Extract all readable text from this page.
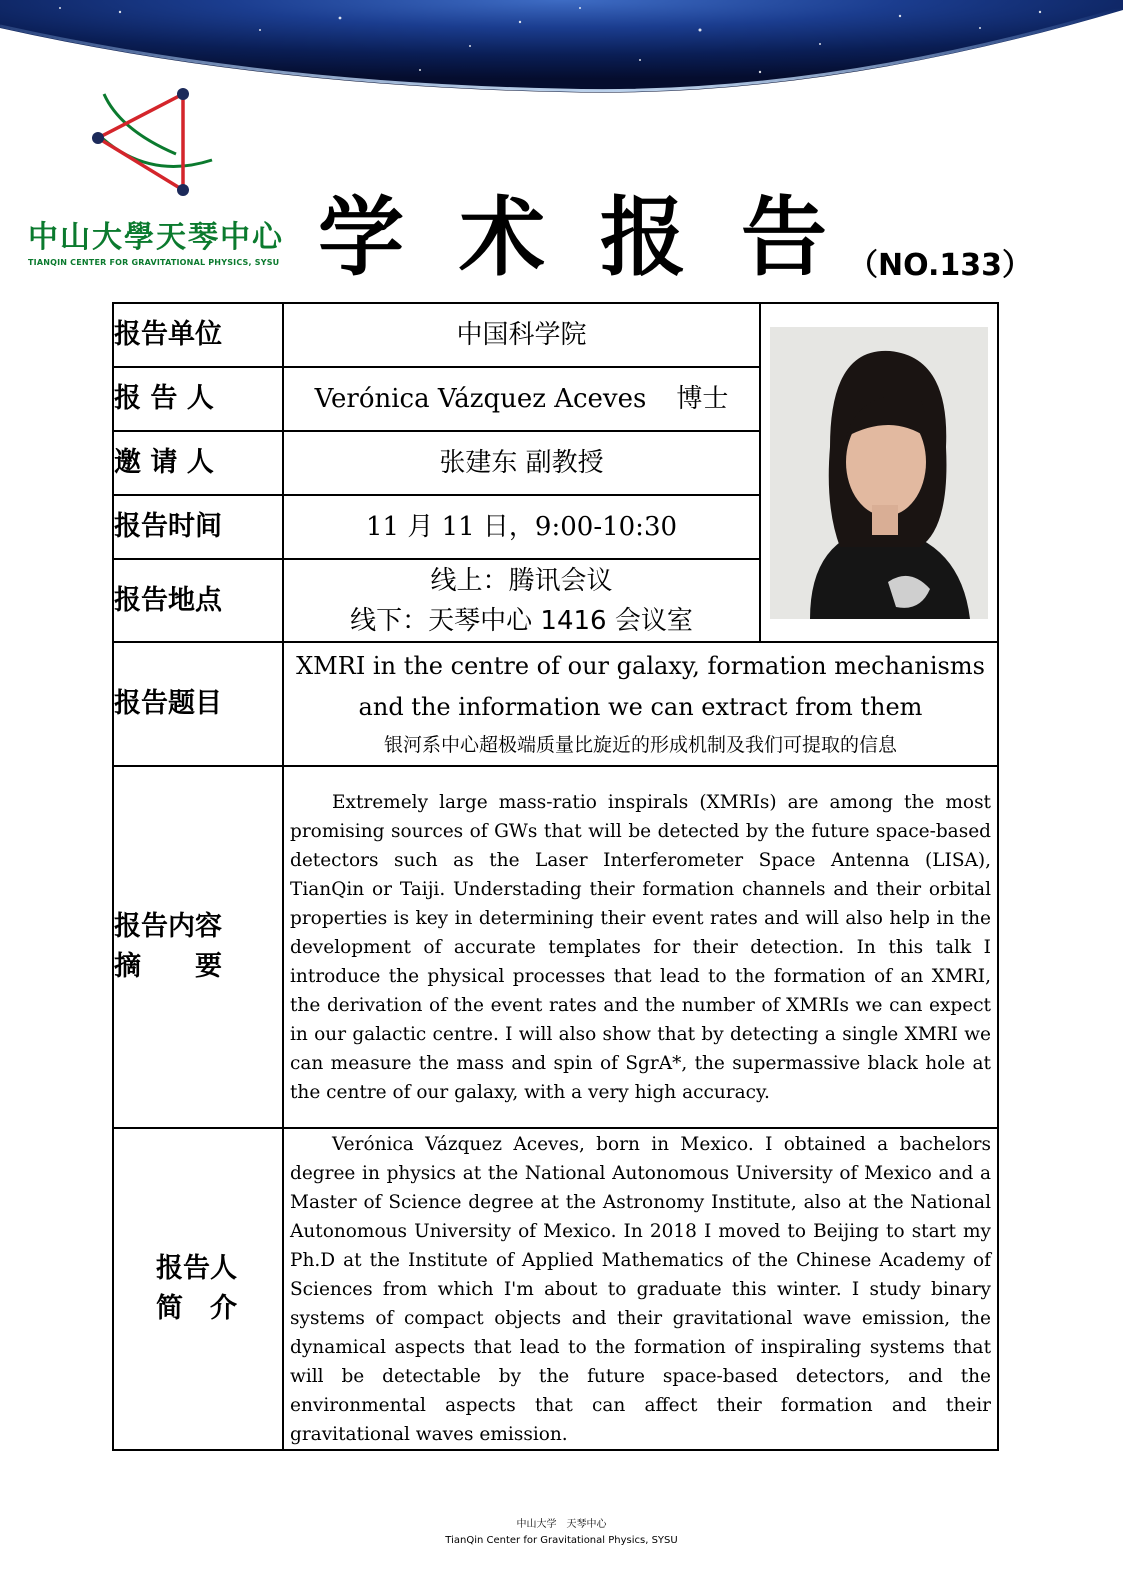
中山大學天琴中心
TIANQIN CENTER FOR GRAVITATIONAL PHYSICS, SYSU 学术报告
（NO.133）
报告单位	中国科学院	

报 告 人	Verónica Vázquez Aceves 博士	
邀 请 人	张建东 副教授	
报告时间	11 月 11 日，9:00-10:30	
报告地点	线上：腾讯会议
线下：天琴中心 1416 会议室	

报告题目	XMRI in the centre of our galaxy, formation mechanisms and the information we can extract from them
银河系中心超极端质量比旋近的形成机制及我们可提取的信息	

报告内容
摘　　要	Extremely large mass-ratio inspirals (XMRIs) are among the most promising sources of GWs that will be detected by the future space-based detectors such as the Laser Interferometer Space Antenna (LISA), TianQin or Taiji. Understading their formation channels and their orbital properties is key in determining their event rates and will also help in the development of accurate templates for their detection. In this talk I introduce the physical processes that lead to the formation of an XMRI, the derivation of the event rates and the number of XMRIs we can expect in our galactic centre. I will also show that by detecting a single XMRI we can measure the mass and spin of SgrA*, the supermassive black hole at the centre of our galaxy, with a very high accuracy.	

报告人
简　介	Verónica Vázquez Aceves, born in Mexico. I obtained a bachelors degree in physics at the National Autonomous University of Mexico and a Master of Science degree at the Astronomy Institute, also at the National Autonomous University of Mexico. In 2018 I moved to Beijing to start my Ph.D at the Institute of Applied Mathematics of the Chinese Academy of Sciences from which I'm about to graduate this winter. I study binary systems of compact objects and their gravitational wave emission, the dynamical aspects that lead to the formation of inspiraling systems that will be detectable by the future space-based detectors, and the environmental aspects that can affect their formation and their gravitational waves emission.	
中山大学　天琴中心
TianQin Center for Gravitational Physics, SYSU
